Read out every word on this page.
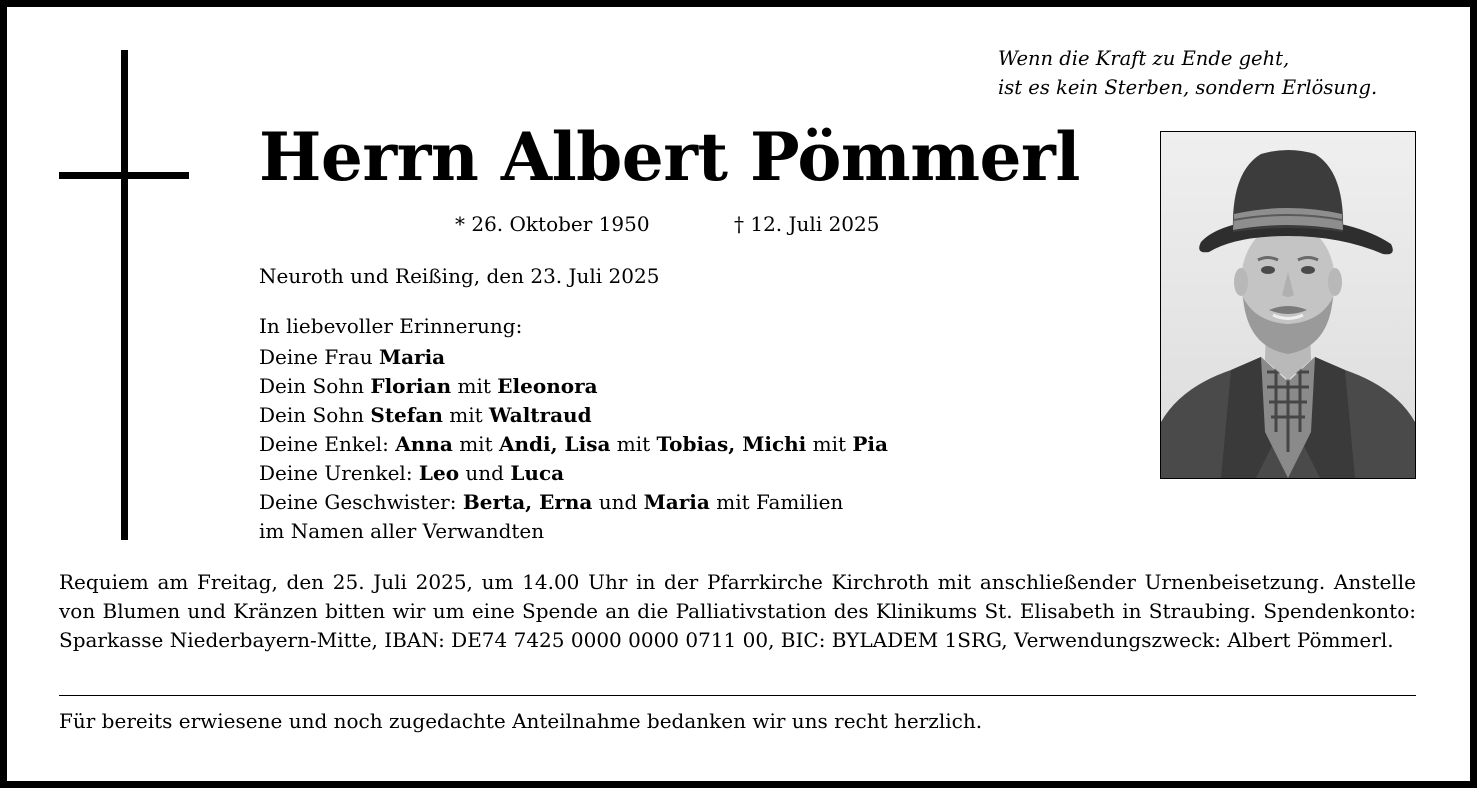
Wenn die Kraft zu Ende geht,
ist es kein Sterben, sondern Erlösung.
Herrn Albert Pömmerl
* 26. Oktober 1950	† 12. Juli 2025
Neuroth und Reißing, den 23. Juli 2025
In liebevoller Erinnerung:
Deine Frau Maria
Dein Sohn Florian mit Eleonora
Dein Sohn Stefan mit Waltraud
Deine Enkel: Anna mit Andi, Lisa mit Tobias, Michi mit Pia
Deine Urenkel: Leo und Luca
Deine Geschwister: Berta, Erna und Maria mit Familien
im Namen aller Verwandten
Requiem am Freitag, den 25. Juli 2025, um 14.00 Uhr in der Pfarrkirche Kirchroth mit anschließender Urnenbeisetzung. Anstelle von Blumen und Kränzen bitten wir um eine Spende an die Palliativstation des Klinikums St. Elisabeth in Straubing. Spendenkonto: Sparkasse Niederbayern-Mitte, IBAN: DE74 7425 0000 0000 0711 00, BIC: BYLADEM 1SRG, Verwendungszweck: Albert Pömmerl.
Für bereits erwiesene und noch zugedachte Anteilnahme bedanken wir uns recht herzlich.
